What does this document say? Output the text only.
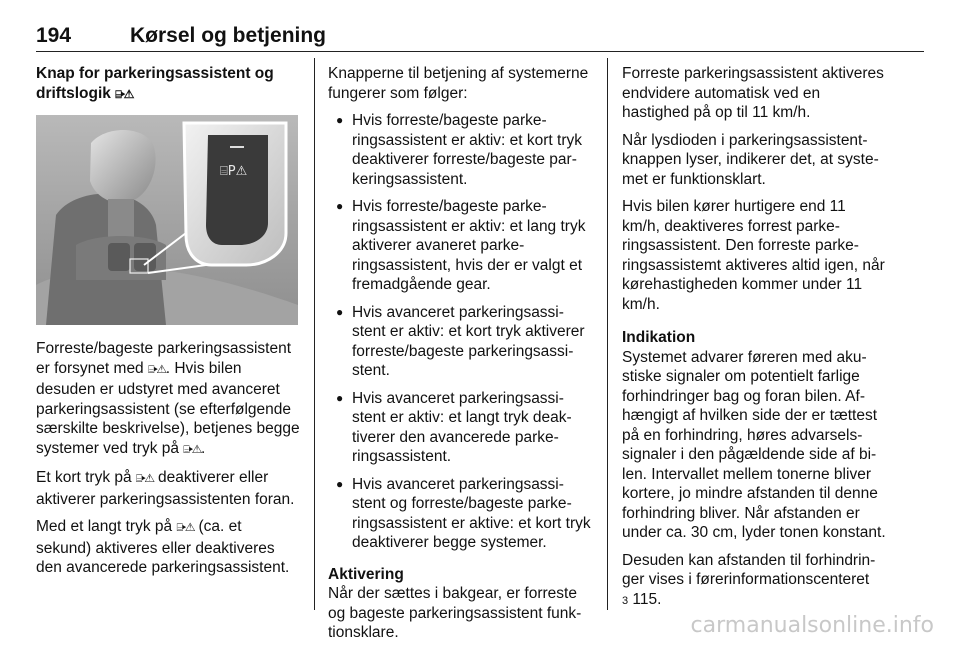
194	Kørsel og betjening

Knap for parkeringsassistent og driftslogik ⌸▸⚠

⌸P⚠

Forreste/bageste parkeringsassistent er forsynet med ⌸▸⚠. Hvis bilen desuden er udstyret med avanceret parkeringsassistent (se efterfølgende særskilte beskrivelse), betjenes begge systemer ved tryk på ⌸▸⚠.

Et kort tryk på ⌸▸⚠ deaktiverer eller aktiverer parkeringsassistenten foran.

Med et langt tryk på ⌸▸⚠ (ca. et sekund) aktiveres eller deaktiveres den avancerede parkeringsassistent.

Knapperne til betjening af systemerne fungerer som følger:

● Hvis forreste/bageste parkeringsassistent er aktiv: et kort tryk deaktiverer forreste/bageste parkeringsassistent.
● Hvis forreste/bageste parkeringsassistent er aktiv: et lang tryk aktiverer avaneret parkeringsassistent, hvis der er valgt et fremadgående gear.
● Hvis avanceret parkeringsassistent er aktiv: et kort tryk aktiverer forreste/bageste parkeringsassistent.
● Hvis avanceret parkeringsassistent er aktiv: et langt tryk deaktiverer den avancerede parkeringsassistent.
● Hvis avanceret parkeringsassistent og forreste/bageste parkeringsassistent er aktive: et kort tryk deaktiverer begge systemer.

Aktivering

Når der sættes i bakgear, er forreste og bageste parkeringsassistent funktionsklare.

Forreste parkeringsassistent aktiveres endvidere automatisk ved en hastighed på op til 11 km/h.

Når lysdioden i parkeringsassistentknappen lyser, indikerer det, at systemet er funktionsklart.

Hvis bilen kører hurtigere end 11 km/h, deaktiveres forrest parkeringsassistent. Den forreste parkeringsassistemt aktiveres altid igen, når kørehastigheden kommer under 11 km/h.

Indikation

Systemet advarer føreren med akustiske signaler om potentielt farlige forhindringer bag og foran bilen. Afhængigt af hvilken side der er tættest på en forhindring, høres advarselssignaler i den pågældende side af bilen. Intervallet mellem tonerne bliver kortere, jo mindre afstanden til denne forhindring bliver. Når afstanden er under ca. 30 cm, lyder tonen konstant.

Desuden kan afstanden til forhindringer vises i førerinformationscenteret
3 115.

carmanualsonline.info
